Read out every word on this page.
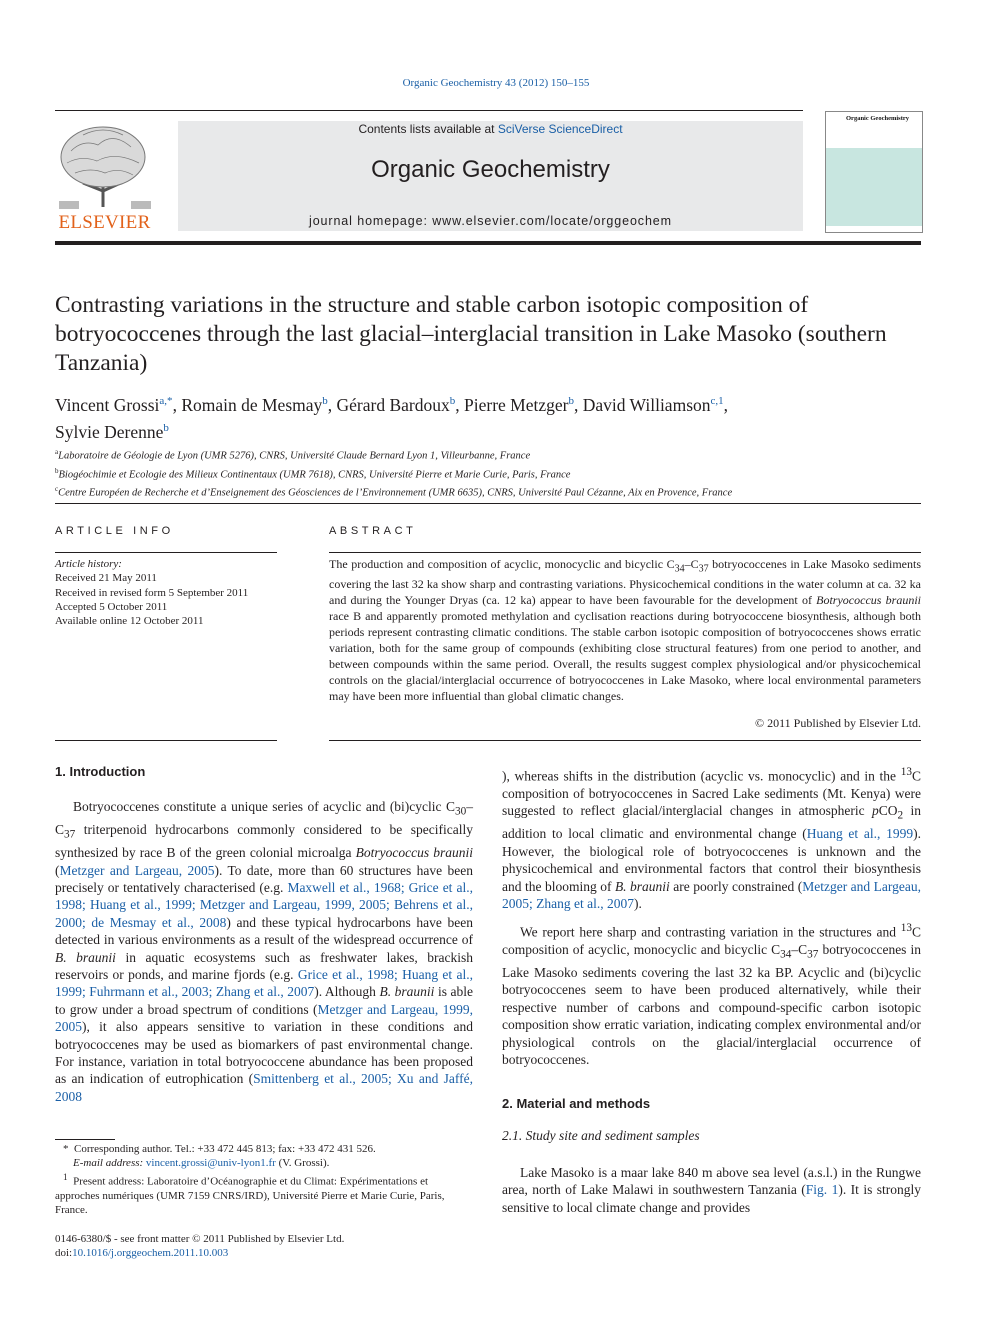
Organic Geochemistry 43 (2012) 150–155
ELSEVIER
Contents lists available at SciVerse ScienceDirect
Organic Geochemistry
journal homepage: www.elsevier.com/locate/orggeochem
Organic Geochemistry
Contrasting variations in the structure and stable carbon isotopic composition of botryococcenes through the last glacial–interglacial transition in Lake Masoko (southern Tanzania)
Vincent Grossi$^{a,*}$, Romain de Mesmay$^b$, Gérard Bardoux$^b$, Pierre Metzger$^b$, David Williamson$^{c,1}$,
Sylvie Derenne$^b$
$^a$Laboratoire de Géologie de Lyon (UMR 5276), CNRS, Université Claude Bernard Lyon 1, Villeurbanne, France
$^b$Biogéochimie et Ecologie des Milieux Continentaux (UMR 7618), CNRS, Université Pierre et Marie Curie, Paris, France
$^c$Centre Européen de Recherche et d’Enseignement des Géosciences de l’Environnement (UMR 6635), CNRS, Université Paul Cézanne, Aix en Provence, France
ARTICLE INFO	ABSTRACT
Article history:
Received 21 May 2011
Received in revised form 5 September 2011
Accepted 5 October 2011
Available online 12 October 2011

The production and composition of acyclic, monocyclic and bicyclic $C_{34}-C_{37}$ botryococcenes in Lake Masoko sediments covering the last 32 ka show sharp and contrasting variations. Physicochemical conditions in the water column at ca. 32 ka and during the Younger Dryas (ca. 12 ka) appear to have been favourable for the development of Botryococcus braunii race B and apparently promoted methylation and cyclisation reactions during botryococcene biosynthesis, although both periods represent contrasting climatic conditions. The stable carbon isotopic composition of botryococcenes shows erratic variation, both for the same group of compounds (exhibiting close structural features) from one period to another, and between compounds within the same period. Overall, the results suggest complex physiological and/or physicochemical controls on the glacial/interglacial occurrence of botryococcenes in Lake Masoko, where local environmental parameters may have been more influential than global climatic changes.

© 2011 Published by Elsevier Ltd.
1. Introduction

Botryococcenes constitute a unique series of acyclic and (bi)cyclic $C_{30}-C_{37}$ triterpenoid hydrocarbons commonly considered to be specifically synthesized by race B of the green colonial microalga Botryococcus braunii (Metzger and Largeau, 2005). To date, more than 60 structures have been precisely or tentatively characterised (e.g. Maxwell et al., 1968; Grice et al., 1998; Huang et al., 1999; Metzger and Largeau, 1999, 2005; Behrens et al., 2000; de Mesmay et al., 2008) and these typical hydrocarbons have been detected in various environments as a result of the widespread occurrence of B. braunii in aquatic ecosystems such as freshwater lakes, brackish reservoirs or ponds, and marine fjords (e.g. Grice et al., 1998; Huang et al., 1999; Fuhrmann et al., 2003; Zhang et al., 2007). Although B. braunii is able to grow under a broad spectrum of conditions (Metzger and Largeau, 1999, 2005), it also appears sensitive to variation in these conditions and botryococcenes may be used as biomarkers of past environmental change. For instance, variation in total botryococcene abundance has been proposed as an indication of eutrophication (Smittenberg et al., 2005; Xu and Jaffé, 2008

), whereas shifts in the distribution (acyclic vs. monocyclic) and in the $^{13}$C composition of botryococcenes in Sacred Lake sediments (Mt. Kenya) were suggested to reflect glacial/interglacial changes in atmospheric pCO$_2$ in addition to local climatic and environmental change (Huang et al., 1999). However, the biological role of botryococcenes is unknown and the physicochemical and environmental factors that control their biosynthesis and the blooming of B. braunii are poorly constrained (Metzger and Largeau, 2005; Zhang et al., 2007).

We report here sharp and contrasting variation in the structures and $^{13}$C composition of acyclic, monocyclic and bicyclic $C_{34}-C_{37}$ botryococcenes in Lake Masoko sediments covering the last 32 ka BP. Acyclic and (bi)cyclic botryococcenes seem to have been produced alternatively, while their respective number of carbons and compound-specific carbon isotopic composition show erratic variation, indicating complex environmental and/or physiological controls on the glacial/interglacial occurrence of botryococcenes.

2. Material and methods
2.1. Study site and sediment samples

Lake Masoko is a maar lake 840 m above sea level (a.s.l.) in the Rungwe area, north of Lake Malawi in southwestern Tanzania (Fig. 1). It is strongly sensitive to local climate change and provides

*  Corresponding author. Tel.: +33 472 445 813; fax: +33 472 431 526.

E-mail address: vincent.grossi@univ-lyon1.fr (V. Grossi).

$^1$ Present address: Laboratoire d’Océanographie et du Climat: Expérimentations et approches numériques (UMR 7159 CNRS/IRD), Université Pierre et Marie Curie, Paris, France.

0146-6380/$ - see front matter © 2011 Published by Elsevier Ltd.

doi:10.1016/j.orggeochem.2011.10.003
